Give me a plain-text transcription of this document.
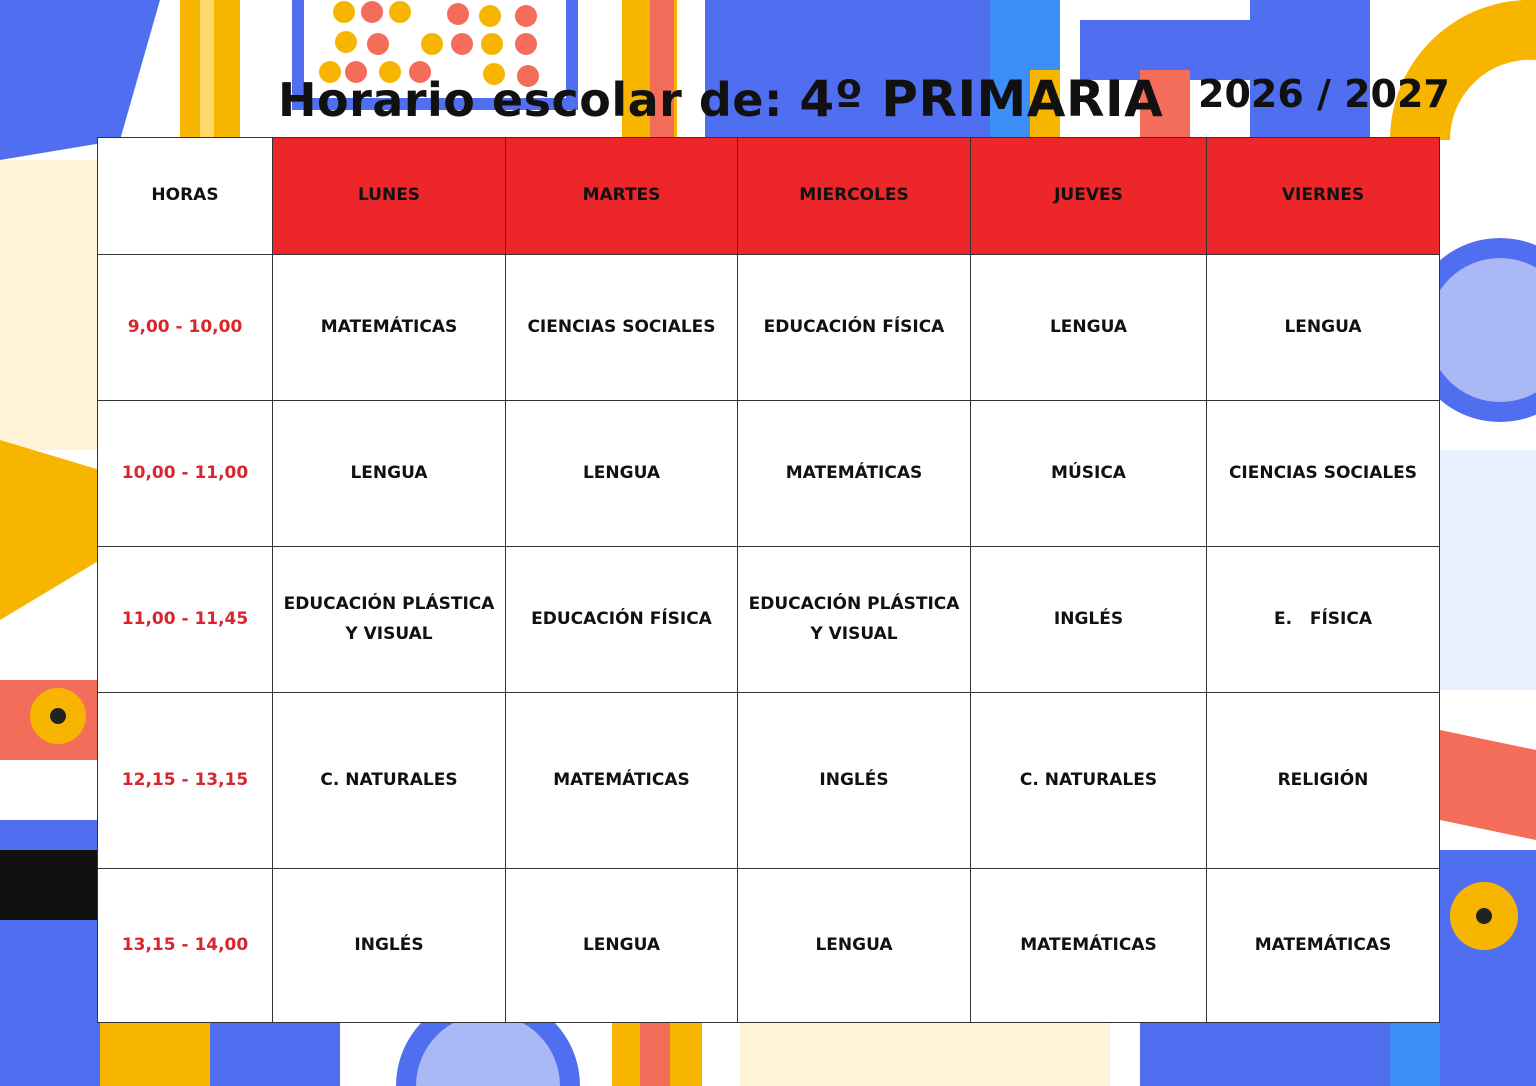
Horario escolar de: 4º PRIMARIA 2026 / 2027
HORAS	LUNES	MARTES	MIERCOLES	JUEVES	VIERNES
9,00 - 10,00	MATEMÁTICAS	CIENCIAS SOCIALES	EDUCACIÓN FÍSICA	LENGUA	LENGUA
10,00 - 11,00	LENGUA	LENGUA	MATEMÁTICAS	MÚSICA	CIENCIAS SOCIALES
11,00 - 11,45	EDUCACIÓN PLÁSTICA Y VISUAL	EDUCACIÓN FÍSICA	EDUCACIÓN PLÁSTICA Y VISUAL	INGLÉS	E.   FÍSICA
12,15 - 13,15	C. NATURALES	MATEMÁTICAS	INGLÉS	C. NATURALES	RELIGIÓN
13,15 - 14,00	INGLÉS	LENGUA	LENGUA	MATEMÁTICAS	MATEMÁTICAS
